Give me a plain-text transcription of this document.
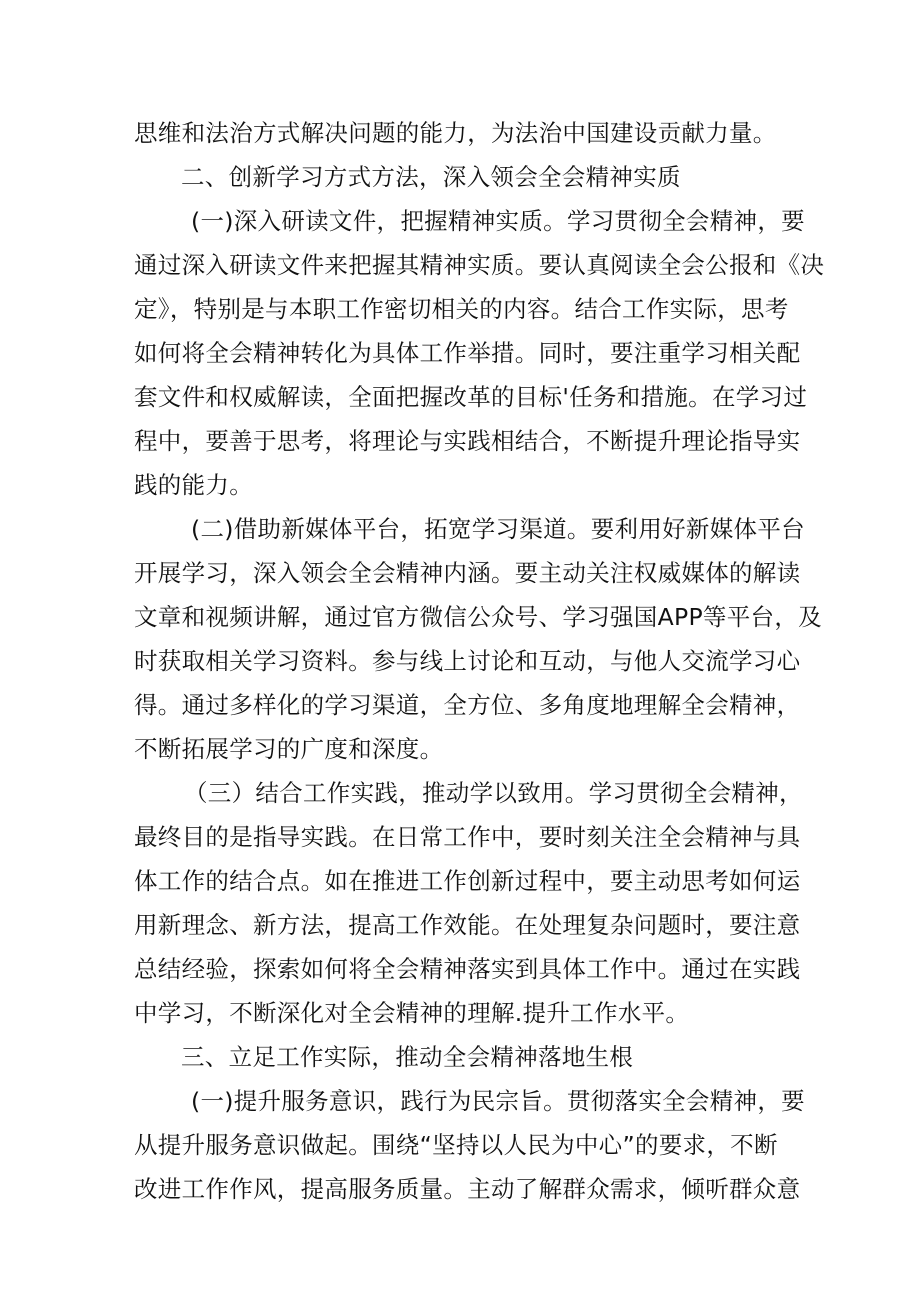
思维和法治方式解决问题的能力，为法治中国建设贡献力量。
二、创新学习方式方法，深入领会全会精神实质
(一)深入研读文件，把握精神实质。学习贯彻全会精神，要
通过深入研读文件来把握其精神实质。要认真阅读全会公报和《决
定》，特别是与本职工作密切相关的内容。结合工作实际，思考
如何将全会精神转化为具体工作举措。同时，要注重学习相关配
套文件和权威解读，全面把握改革的目标'任务和措施。在学习过
程中，要善于思考，将理论与实践相结合，不断提升理论指导实
践的能力。
(二)借助新媒体平台，拓宽学习渠道。要利用好新媒体平台
开展学习，深入领会全会精神内涵。要主动关注权威媒体的解读
文章和视频讲解，通过官方微信公众号、学习强国APP等平台，及
时获取相关学习资料。参与线上讨论和互动，与他人交流学习心
得。通过多样化的学习渠道，全方位、多角度地理解全会精神，
不断拓展学习的广度和深度。
（三）结合工作实践，推动学以致用。学习贯彻全会精神，
最终目的是指导实践。在日常工作中，要时刻关注全会精神与具
体工作的结合点。如在推进工作创新过程中，要主动思考如何运
用新理念、新方法，提高工作效能。在处理复杂问题时，要注意
总结经验，探索如何将全会精神落实到具体工作中。通过在实践
中学习，不断深化对全会精神的理解.提升工作水平。
三、立足工作实际，推动全会精神落地生根
(一)提升服务意识，践行为民宗旨。贯彻落实全会精神，要
从提升服务意识做起。围绕“坚持以人民为中心”的要求，不断
改进工作作风，提高服务质量。主动了解群众需求，倾听群众意
